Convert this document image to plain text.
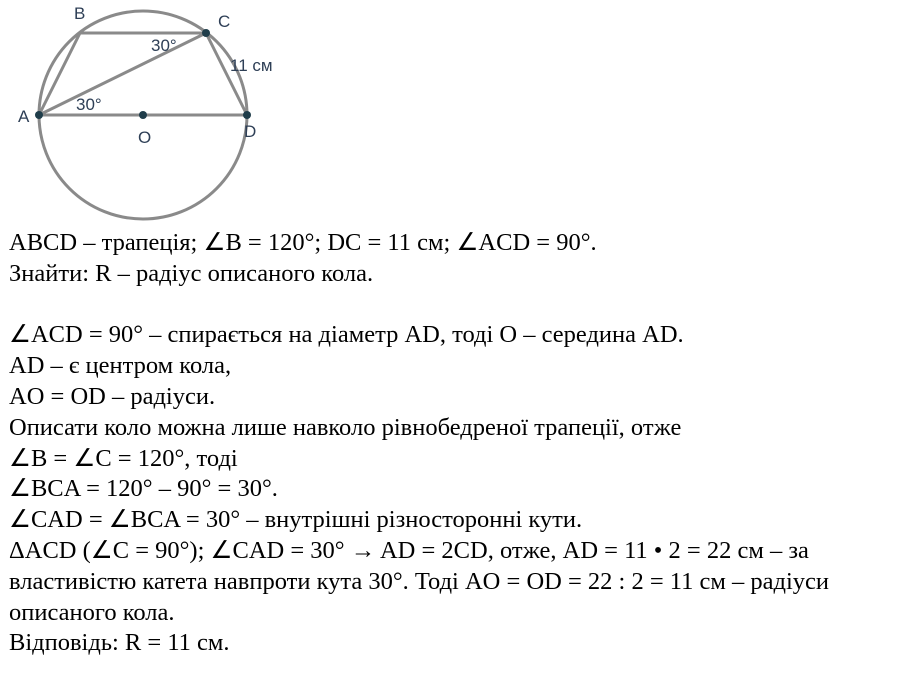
B	C
A
D
O
30°
30°
11 см
ABCD – трапеція; ∠B = 120°; DC = 11 см; ∠ACD = 90°.
Знайти: R – радіус описаного кола.
∠ACD = 90° – спирається на діаметр AD, тоді O – середина AD.
AD – є центром кола,
AO = OD – радіуси.
Описати коло можна лише навколо рівнобедреної трапеції, отже
∠B = ∠C = 120°, тоді
∠BCA = 120° – 90° = 30°.
∠CAD = ∠BCA = 30° – внутрішні різносторонні кути.
ΔACD (∠C = 90°); ∠CAD = 30° → AD = 2CD, отже, AD = 11 • 2 = 22 см – за
властивістю катета навпроти кута 30°. Тоді AO = OD = 22 : 2 = 11 см – радіуси
описаного кола.
Відповідь: R = 11 см.
